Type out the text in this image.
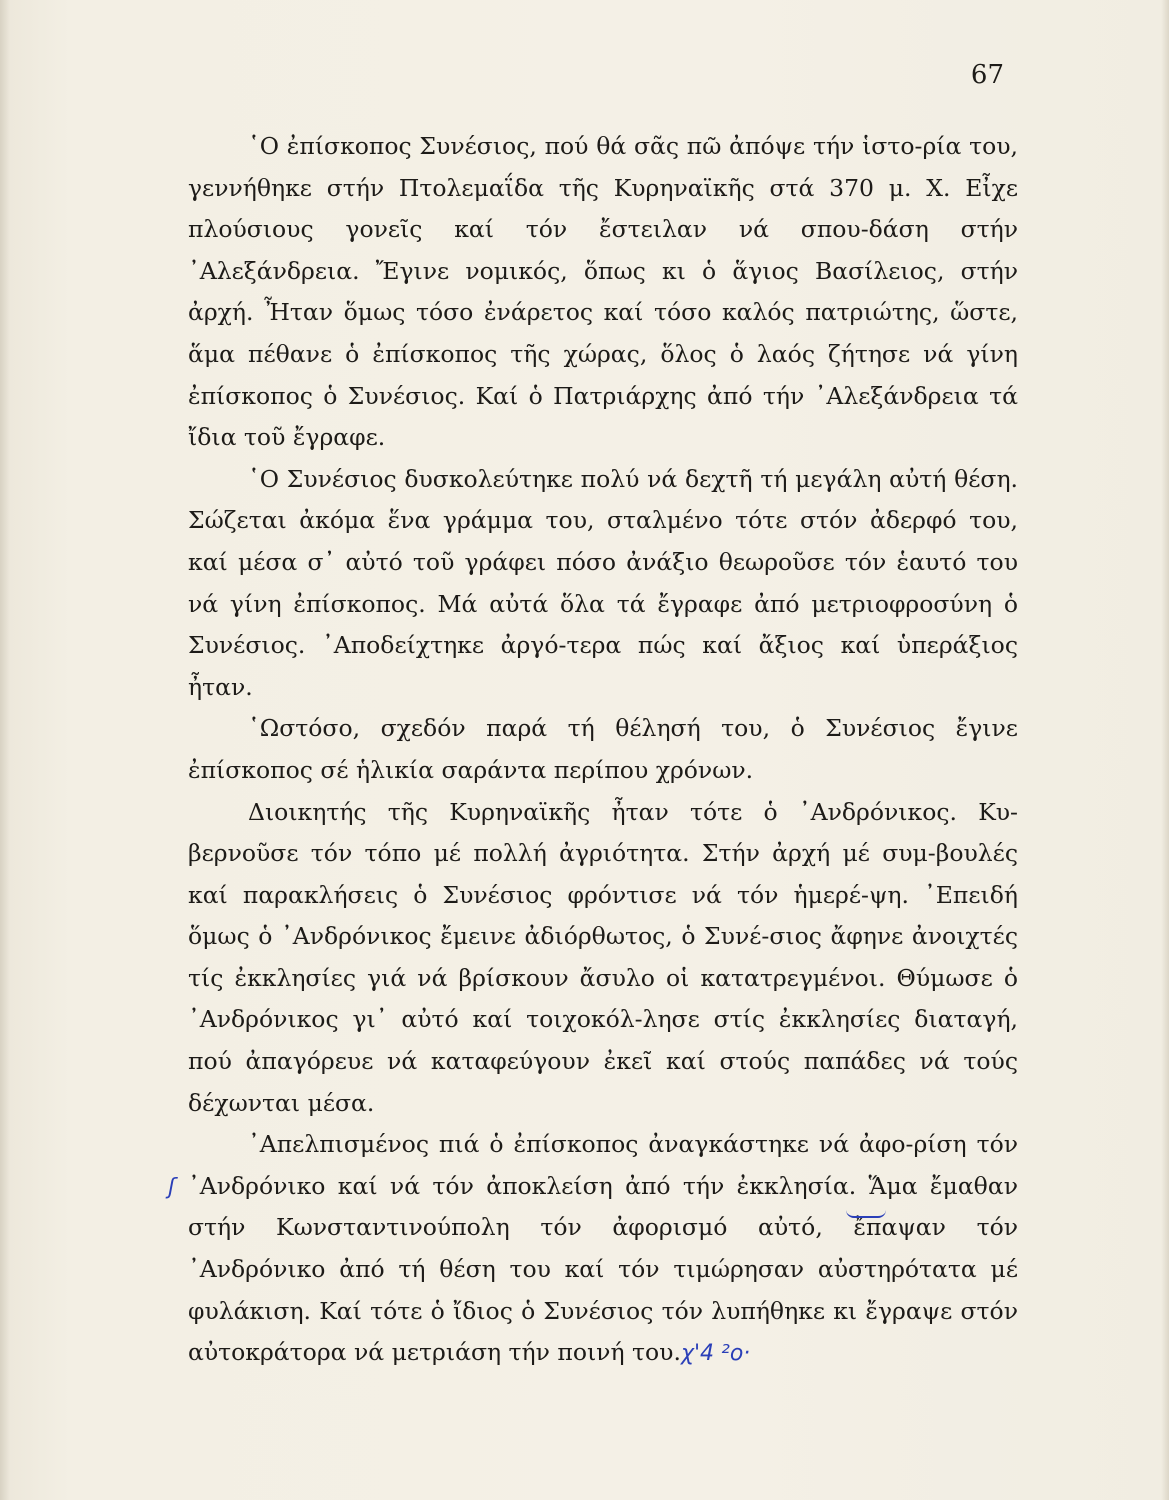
67

῾Ο ἐπίσκοπος Συνέσιος, πού θά σᾶς πῶ ἀπόψε τήν ἱστο-ρία του, γεννήθηκε στήν Πτολεμαΐδα τῆς Κυρηναϊκῆς στά 370 μ. Χ. Εἶχε πλούσιους γονεῖς καί τόν ἔστειλαν νά σπου-δάση στήν ᾿Αλεξάνδρεια. Ἔγινε νομικός, ὅπως κι ὁ ἅγιος Βασίλειος, στήν ἀρχή. Ἦταν ὅμως τόσο ἐνάρετος καί τόσο καλός πατριώτης, ὥστε, ἅμα πέθανε ὁ ἐπίσκοπος τῆς χώρας, ὅλος ὁ λαός ζήτησε νά γίνη ἐπίσκοπος ὁ Συνέσιος. Καί ὁ Πατριάρχης ἀπό τήν ᾿Αλεξάνδρεια τά ἴδια τοῦ ἔγραφε.

῾Ο Συνέσιος δυσκολεύτηκε πολύ νά δεχτῆ τή μεγάλη αὐτή θέση. Σώζεται ἀκόμα ἕνα γράμμα του, σταλμένο τότε στόν ἀδερφό του, καί μέσα σ᾿ αὐτό τοῦ γράφει πόσο ἀνάξιο θεωροῦσε τόν ἑαυτό του νά γίνη ἐπίσκοπος. Μά αὐτά ὅλα τά ἔγραφε ἀπό μετριοφροσύνη ὁ Συνέσιος. ᾿Αποδείχτηκε ἀργό-τερα πώς καί ἄξιος καί ὑπεράξιος ἦταν.

῾Ωστόσο, σχεδόν παρά τή θέλησή του, ὁ Συνέσιος ἔγινε ἐπίσκοπος σέ ἡλικία σαράντα περίπου χρόνων.

Διοικητής τῆς Κυρηναϊκῆς ἦταν τότε ὁ ᾿Ανδρόνικος. Κυ-βερνοῦσε τόν τόπο μέ πολλή ἀγριότητα. Στήν ἀρχή μέ συμ-βουλές καί παρακλήσεις ὁ Συνέσιος φρόντισε νά τόν ἡμερέ-ψη. ᾿Επειδή ὅμως ὁ ᾿Ανδρόνικος ἔμεινε ἀδιόρθωτος, ὁ Συνέ-σιος ἄφηνε ἀνοιχτές τίς ἐκκλησίες γιά νά βρίσκουν ἄσυλο οἱ κατατρεγμένοι. Θύμωσε ὁ ᾿Ανδρόνικος γι᾿ αὐτό καί τοιχοκόλ-λησε στίς ἐκκλησίες διαταγή, πού ἀπαγόρευε νά καταφεύγουν ἐκεῖ καί στούς παπάδες νά τούς δέχωνται μέσα.

᾿Απελπισμένος πιά ὁ ἐπίσκοπος ἀναγκάστηκε νά ἀφο-ρίση τόν ᾿Ανδρόνικο καί νά τόν ἀποκλείση ἀπό τήν ἐκκλησία. Ἅμα ἔμαθαν στήν Κωνσταντινούπολη τόν ἀφορισμό αὐτό, ἔπαψαν τόν ᾿Ανδρόνικο ἀπό τή θέση του καί τόν τιμώρησαν αὐστηρότατα μέ φυλάκιση. Καί τότε ὁ ἴδιος ὁ Συνέσιος τόν λυπήθηκε κι ἔγραψε στόν αὐτοκράτορα νά μετριάση τήν ποινή του.χ'4 ²ο·

ʃ
